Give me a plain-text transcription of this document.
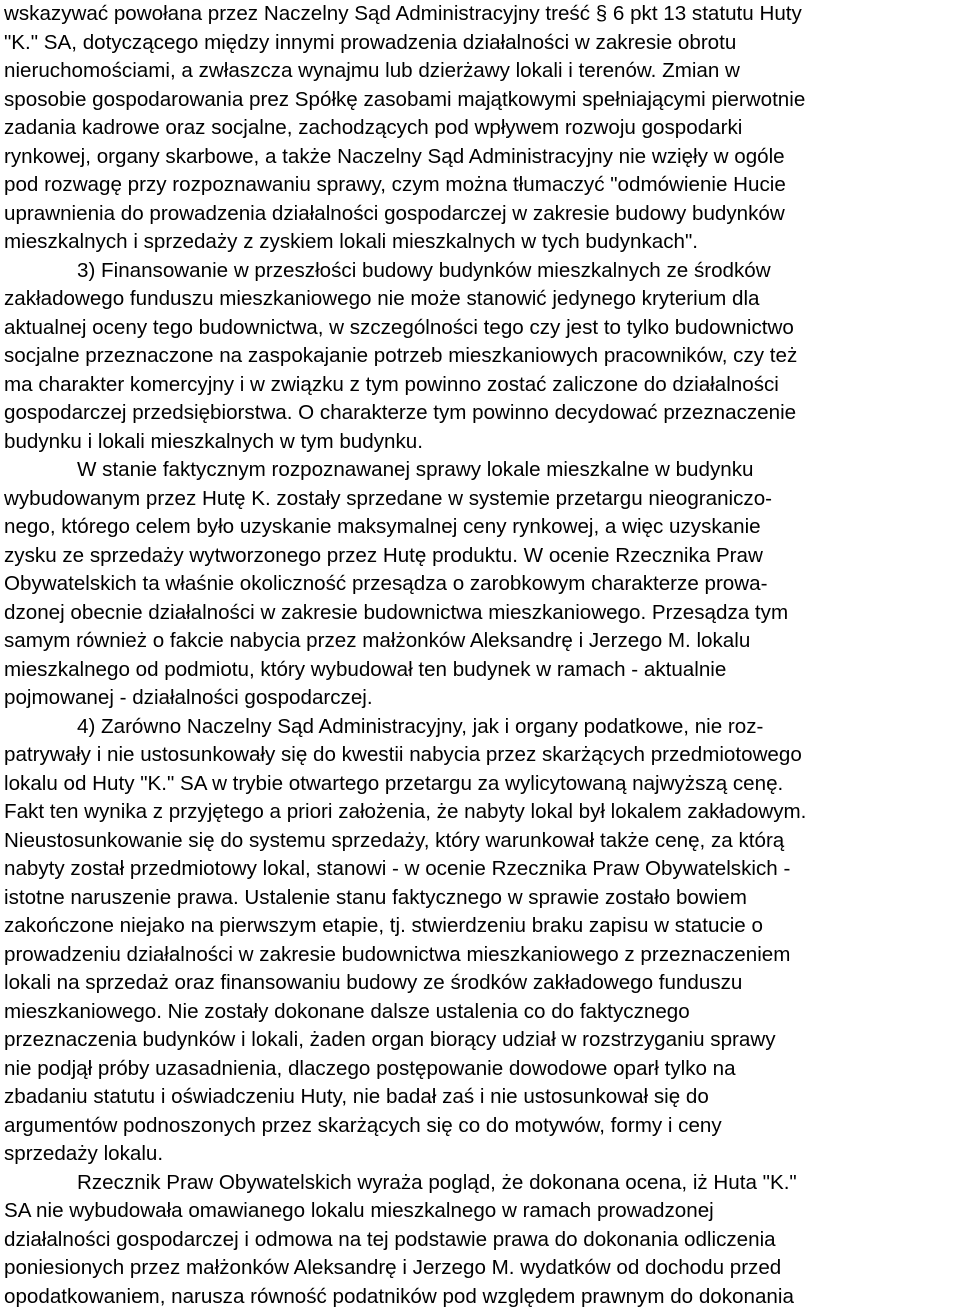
wskazywać powołana przez Naczelny Sąd Administracyjny treść § 6 pkt 13 statutu Huty
"K." SA, dotyczącego między innymi prowadzenia działalności w zakresie obrotu
nieruchomościami, a zwłaszcza wynajmu lub dzierżawy lokali i terenów. Zmian w
sposobie gospodarowania prez Spółkę zasobami majątkowymi spełniającymi pierwotnie
zadania kadrowe oraz socjalne, zachodzących pod wpływem rozwoju gospodarki
rynkowej, organy skarbowe, a także Naczelny Sąd Administracyjny nie wzięły w ogóle
pod rozwagę przy rozpoznawaniu sprawy, czym można tłumaczyć "odmówienie Hucie
uprawnienia do prowadzenia działalności gospodarczej w zakresie budowy budynków
mieszkalnych i sprzedaży z zyskiem lokali mieszkalnych w tych budynkach".
3) Finansowanie w przeszłości budowy budynków mieszkalnych ze środków
zakładowego funduszu mieszkaniowego nie może stanowić jedynego kryterium dla
aktualnej oceny tego budownictwa, w szczególności tego czy jest to tylko budownictwo
socjalne przeznaczone na zaspokajanie potrzeb mieszkaniowych pracowników, czy też
ma charakter komercyjny i w związku z tym powinno zostać zaliczone do działalności
gospodarczej przedsiębiorstwa. O charakterze tym powinno decydować przeznaczenie
budynku i lokali mieszkalnych w tym budynku.
W stanie faktycznym rozpoznawanej sprawy lokale mieszkalne w budynku
wybudowanym przez Hutę K. zostały sprzedane w systemie przetargu nieograniczo-
nego, którego celem było uzyskanie maksymalnej ceny rynkowej, a więc uzyskanie
zysku ze sprzedaży wytworzonego przez Hutę produktu. W ocenie Rzecznika Praw
Obywatelskich ta właśnie okoliczność przesądza o zarobkowym charakterze prowa-
dzonej obecnie działalności w zakresie budownictwa mieszkaniowego. Przesądza tym
samym również o fakcie nabycia przez małżonków Aleksandrę i Jerzego M. lokalu
mieszkalnego od podmiotu, który wybudował ten budynek w ramach - aktualnie
pojmowanej - działalności gospodarczej.
4) Zarówno Naczelny Sąd Administracyjny, jak i organy podatkowe, nie roz-
patrywały i nie ustosunkowały się do kwestii nabycia przez skarżących przedmiotowego
lokalu od Huty "K." SA w trybie otwartego przetargu za wylicytowaną najwyższą cenę.
Fakt ten wynika z przyjętego a priori założenia, że nabyty lokal był lokalem zakładowym.
Nieustosunkowanie się do systemu sprzedaży, który warunkował także cenę, za którą
nabyty został przedmiotowy lokal, stanowi - w ocenie Rzecznika Praw Obywatelskich -
istotne naruszenie prawa. Ustalenie stanu faktycznego w sprawie zostało bowiem
zakończone niejako na pierwszym etapie, tj. stwierdzeniu braku zapisu w statucie o
prowadzeniu działalności w zakresie budownictwa mieszkaniowego z przeznaczeniem
lokali na sprzedaż oraz finansowaniu budowy ze środków zakładowego funduszu
mieszkaniowego. Nie zostały dokonane dalsze ustalenia co do faktycznego
przeznaczenia budynków i lokali, żaden organ biorący udział w rozstrzyganiu sprawy
nie podjął próby uzasadnienia, dlaczego postępowanie dowodowe oparł tylko na
zbadaniu statutu i oświadczeniu Huty, nie badał zaś i nie ustosunkował się do
argumentów podnoszonych przez skarżących się co do motywów, formy i ceny
sprzedaży lokalu.
Rzecznik Praw Obywatelskich wyraża pogląd, że dokonana ocena, iż Huta "K."
SA nie wybudowała omawianego lokalu mieszkalnego w ramach prowadzonej
działalności gospodarczej i odmowa na tej podstawie prawa do dokonania odliczenia
poniesionych przez małżonków Aleksandrę i Jerzego M. wydatków od dochodu przed
opodatkowaniem, narusza równość podatników pod względem prawnym do dokonania
